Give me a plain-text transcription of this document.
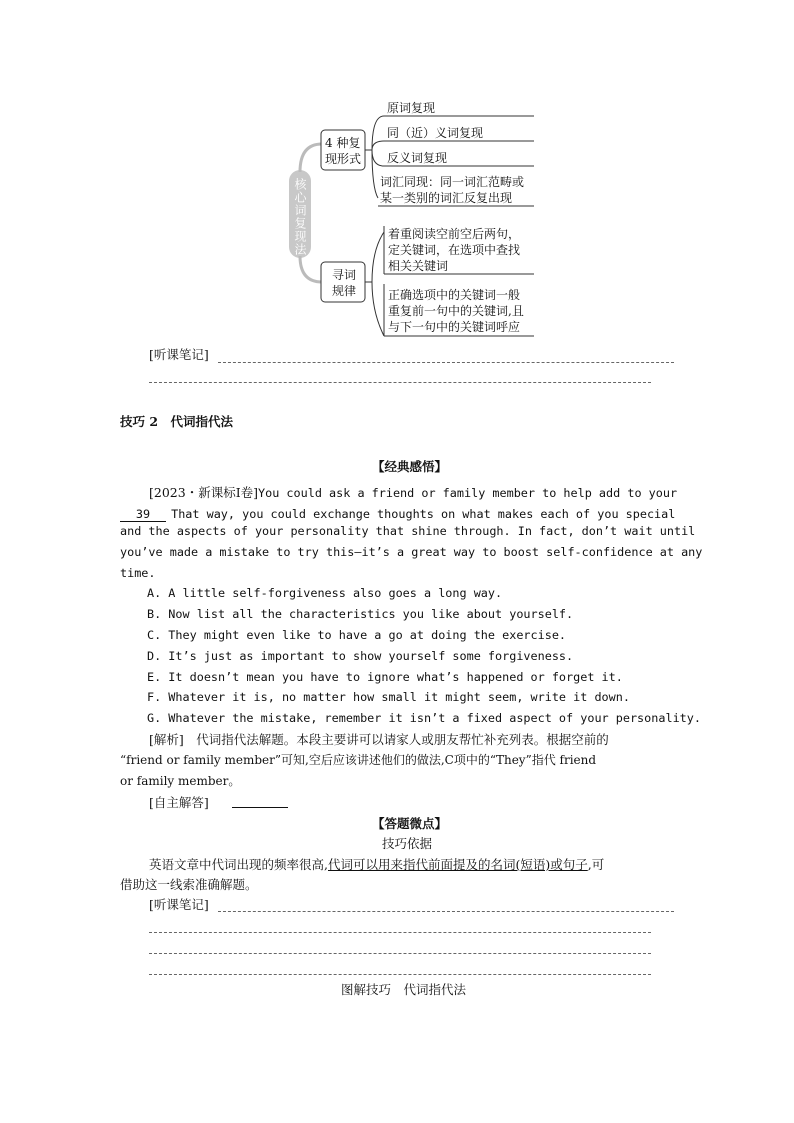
核心词复现法
4 种复
现形式
原词复现
同（近）义词复现
反义词复现
词汇同现：同一词汇范畴或
某一类别的词汇反复出现
寻词
规律
着重阅读空前空后两句，
定关键词，在选项中查找
相关关键词
正确选项中的关键词一般
重复前一句中的关键词,且
与下一句中的关键词呼应
[听课笔记]
技巧 2　代词指代法
【经典感悟】
[2023・新课标Ⅰ卷]You could ask a friend or family member to help add to your
39 That way, you could exchange thoughts on what makes each of you special
and the aspects of your personality that shine through. In fact, don’t wait until
you’ve made a mistake to try this—it’s a great way to boost self-confidence at any
time.
A. A little self-forgiveness also goes a long way.
B. Now list all the characteristics you like about yourself.
C. They might even like to have a go at doing the exercise.
D. It’s just as important to show yourself some forgiveness.
E. It doesn’t mean you have to ignore what’s happened or forget it.
F. Whatever it is, no matter how small it might seem, write it down.
G. Whatever the mistake, remember it isn’t a fixed aspect of your personality.
[解析]　 代词指代法解题。本段主要讲可以请家人或朋友帮忙补充列表。根据空前的
“friend or family member”可知,空后应该讲述他们的做法,C项中的“They”指代 friend
or family member。
[自主解答]
【答题微点】
技巧依据
英语文章中代词出现的频率很高,代词可以用来指代前面提及的名词(短语)或句子,可
借助这一线索准确解题。
[听课笔记]
图解技巧　代词指代法
